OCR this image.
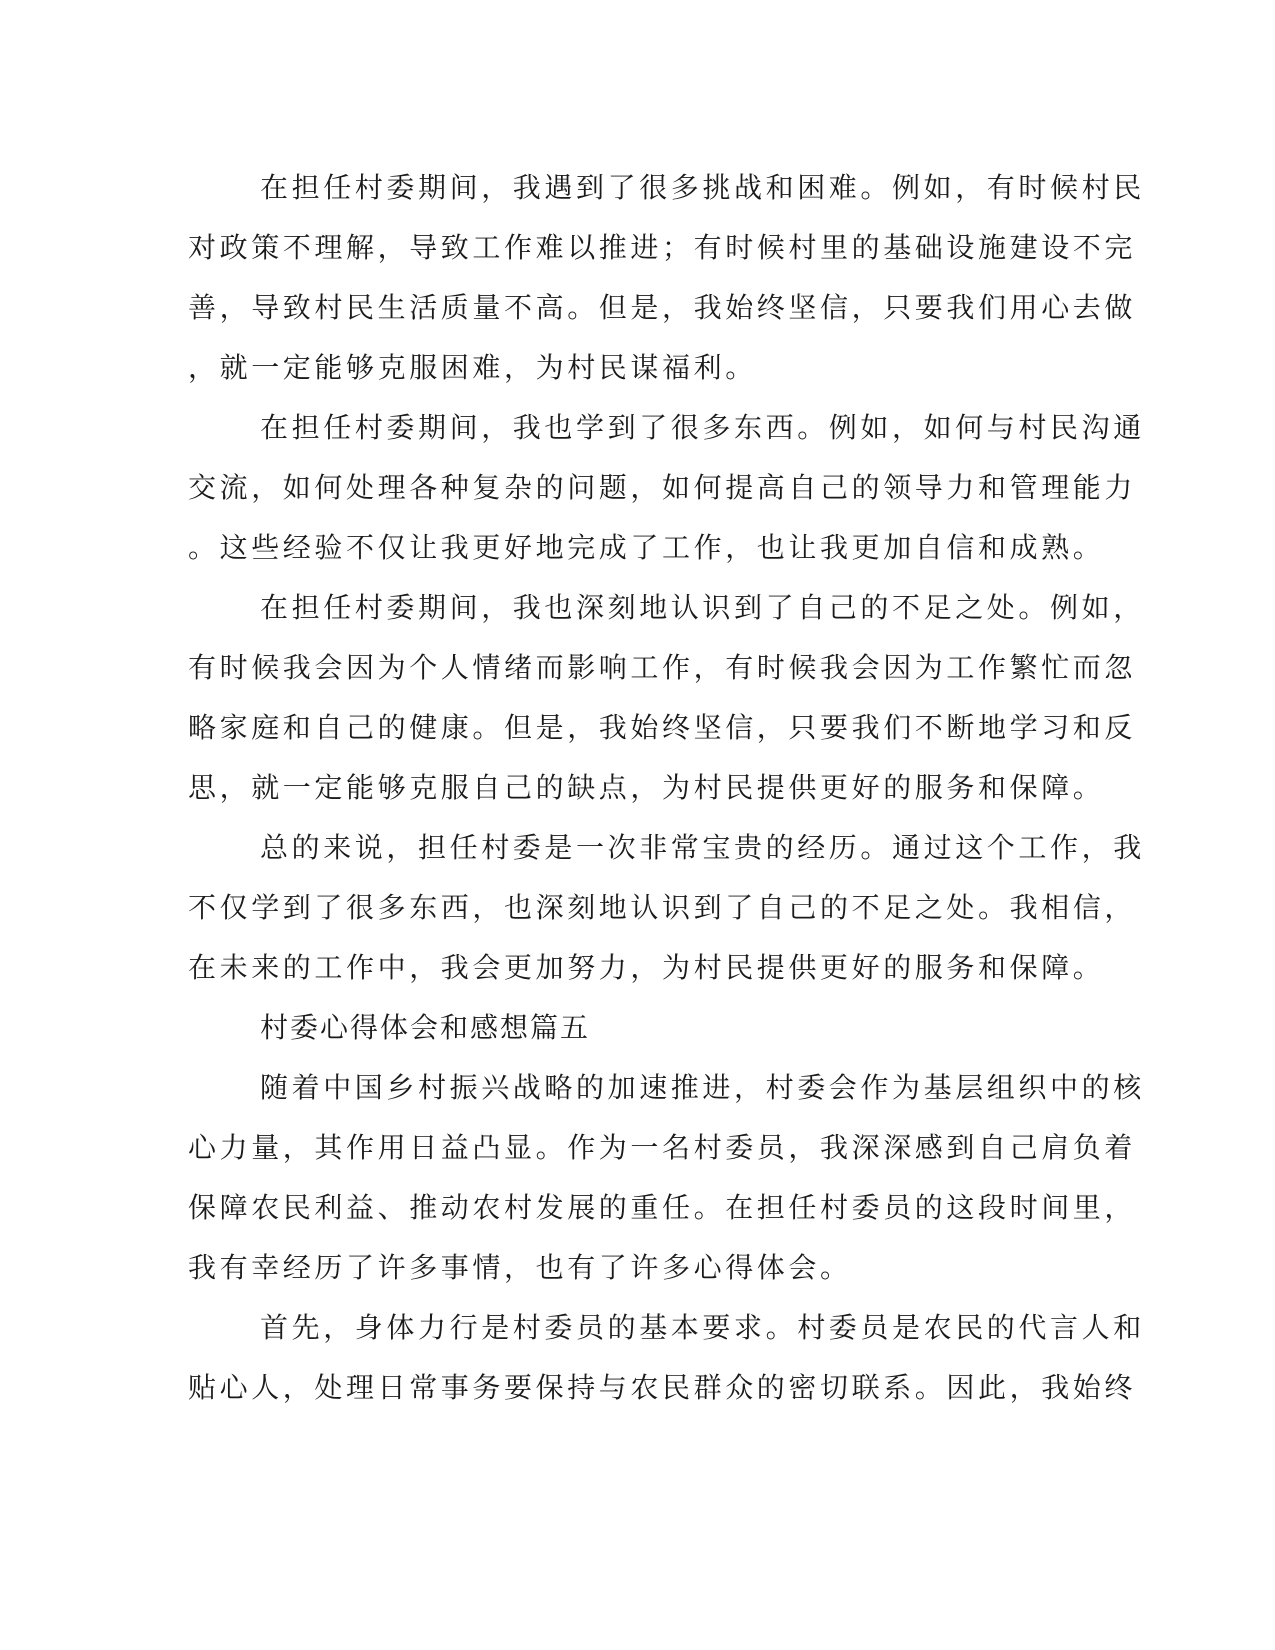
在担任村委期间，我遇到了很多挑战和困难。例如，有时候村民
对政策不理解，导致工作难以推进；有时候村里的基础设施建设不完
善，导致村民生活质量不高。但是，我始终坚信，只要我们用心去做
，就一定能够克服困难，为村民谋福利。
在担任村委期间，我也学到了很多东西。例如，如何与村民沟通
交流，如何处理各种复杂的问题，如何提高自己的领导力和管理能力
。这些经验不仅让我更好地完成了工作，也让我更加自信和成熟。
在担任村委期间，我也深刻地认识到了自己的不足之处。例如，
有时候我会因为个人情绪而影响工作，有时候我会因为工作繁忙而忽
略家庭和自己的健康。但是，我始终坚信，只要我们不断地学习和反
思，就一定能够克服自己的缺点，为村民提供更好的服务和保障。
总的来说，担任村委是一次非常宝贵的经历。通过这个工作，我
不仅学到了很多东西，也深刻地认识到了自己的不足之处。我相信，
在未来的工作中，我会更加努力，为村民提供更好的服务和保障。
村委心得体会和感想篇五
随着中国乡村振兴战略的加速推进，村委会作为基层组织中的核
心力量，其作用日益凸显。作为一名村委员，我深深感到自己肩负着
保障农民利益、推动农村发展的重任。在担任村委员的这段时间里，
我有幸经历了许多事情，也有了许多心得体会。
首先，身体力行是村委员的基本要求。村委员是农民的代言人和
贴心人，处理日常事务要保持与农民群众的密切联系。因此，我始终
